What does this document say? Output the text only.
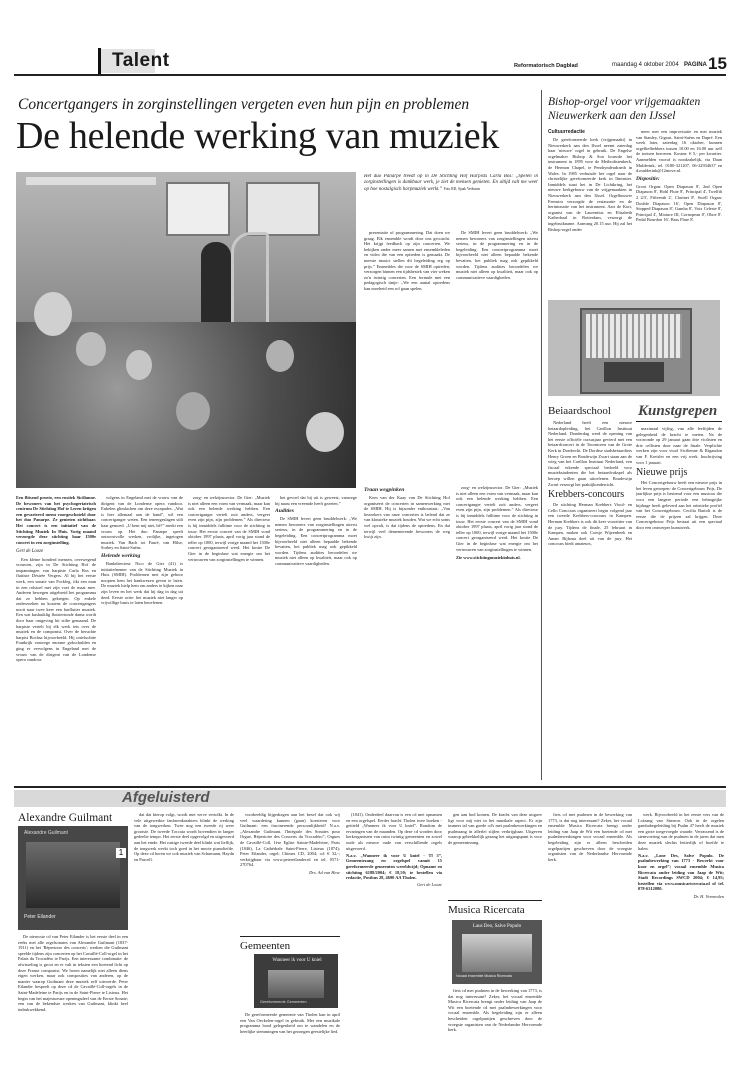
Talent	Reformatorisch Dagblad	maandag 4 oktober 2004 PAGINA 15
Concertgangers in zorginstellingen vergeten even hun pijn en problemen
De helende werking van muziek
Het duo Panarpe treedt op in De Stichting Hof Harpists Carla Bos: „Spelen in zorginstellingen is dankbaar werk, je ziet de mensen genieten. En altijd valt me weer op hoe nostalgisch harpmuziek werkt.” Foto RD, Sjaak Verboom

presentatie of programmering. Dat doen we graag. Elk ensemble wordt door ons gecoacht. Het krijgt feedback op zijn concerten. We bekijken onder meer samen met ensembleleden en video die van een optreden is gemaakt. De meeste musici stellen dit begeleiding erg op prijs.” Ensembles die voor de SMIH optreden, verzorgen binnen een tijdsbestek van vier weken zo'n twintig concerten. Een formule met een pedagogisch tintje: „We een aantal optredens kan moeheid een rol gaan spelen.

De SMIH levert geen bruddelwerk: „We nemen bewoners van zorginstellingen uiterst serieus, in de programmering en in de begeleiding. Een concertprogramma moet bijvoorbeeld niet alleen bepaalde bekende bevatten, het publiek mag ook gepikkeld worden. Tijdens audities beoordelen we muziek niet alleen op kwaliteit, maar ook op communicatieve vaardigheden.

Een flitsend proeto, een rustiek Sicilianne. De bewoners van het psychogeriatrisch centrum De Stichting Hof te Leren kriigen een gevarieerd menu voorgeschoteld door het duo Panarpe. Ze genieten zichtbaar. Het concert is een initiatief van de Stichting Muziek In Huis. Vorig maand verzorgde deze stichting haar 1500e concert in een zorginstelling.

Gert de Looze

Een kleine honderd mensen, overwegend vrouwen, zijn in De Stichting Hof de inspanningen van harpiste Carla Bos en fluitiste Désirée Vergers. Al bij het eerste werk, een sonate van Fockleg, tikt een man in een rolstoel met zijn voet de maat mee. Anderen bewegen uitgebreid het programma dat ze hebben gekregen. Op enkele onderzoeken na kostens de concertgangers nooit naar twee keer een harfluiter muziek. Een wat kushuiklig fluistertonde dama wordt door haar omgeving bit stilte gemaand. De harpiste vertelt bij elk werk iets over de muziek en de componist. Over de beruchte harpist Bochsa bijvoorbeeld. Hij ontvluchtte Frankrijk vanwege enorme gokschulden en ging er vervolgens in Engeland met de vrouw van de dirigent van de Londense opera vandoor.

volgens in Engeland met de vrouw van de dirigent van de Londense opera vandoor. Enkelen glimlachen om deze escapades. „Wat is hier allemaal aan de hand”, wil een concertganger weten. Een teneergeslagen stilt haar gemoed. „U kent mij niet, hè?” merkt een vrouw op. Het duo Panarpe speelt ontroostvolle werken, vrolijke, ingetogen muziek. Van Bach tot Fauré, van Hilse, Sorbey en Saint-Saëns.

Helende werking

Bankdirecteur Nico de Gier (41) is initiatiefnemer van de Stichting Muziek in Huis (SMIH). Problemen met zijn gehoor noopten hem het bankwezen geven te laten. De muziek hielp hem om anders te kijken naar zijn leven en het werk dat hij dag in dag uit deed. Eerste actie: het muziek niet langer op vrijwillige basis te laten beoefenen.

zorg- en welzijnssector. De Gier: „Muziek is niet alleen een vorm van vermaak, maar kan ook een helende werking hebben. Een concertganger vertelt ooit anders, vergeet even zijn pijn, zijn problemen.” Als directeur is hij inmiddels fulltime voor de stichting in touw. Het eerste concert van de SMIH vond oktober 1997 plaats, april vorig jaar stond de teller op 1000, terwijl vorige maand het 1500e concert georganiseerd werd. Het kostte De Gier in de beginfase wat energie om het vertrouwen van zorginstellingen te winnen.

het gevoel dat hij uit is geweest, vanwege hij naast een vreemde heeft gezeten.”

Audities

De SMIH levert geen bruddelwerk: „We nemen bewoners van zorginstellingen uiterst serieus, in de programmering en in de begeleiding. Een concertprogramma moet bijvoorbeeld niet alleen bepaalde bekende bevatten, het publiek mag ook gepikkeld worden. Tijdens audities beoordelen we muziek niet alleen op kwaliteit, maar ook op communicatieve vaardigheden.

Traan wegpinken

Kees van der Kaay van De Stichting Hof organiseert de concerten in samenwerking met de SMIH. Hij is bijzonder enthousiast: „Van bezoekers van onze concerten is belend dat ze van klassieke muziek houden. Wat we echt soms wel opvalt, is dat tijdens de optredens. En dat terwijl veel dementerende bewoners de weg kwijt zijn.

zorg- en welzijnssector. De Gier: „Muziek is niet alleen een vorm van vermaak, maar kan ook een helende werking hebben. Een concertganger vertelt ooit anders, vergeet even zijn pijn, zijn problemen.” Als directeur is hij inmiddels fulltime voor de stichting in touw. Het eerste concert van de SMIH vond oktober 1997 plaats, april vorig jaar stond de teller op 1000, terwijl vorige maand het 1500e concert georganiseerd werd. Het kostte De Gier in de beginfase wat energie om het vertrouwen van zorginstellingen te winnen.

Zie www.stichtingmuziekinhuis.nl.

Bishop-orgel voor vrijgemaakten
Nieuwerkerk aan den IJssel
Cultuurredactie

De gereformeerde kerk (vrijgemaakt) in Nieuwerkerk aan den IJssel neemt zaterdag haar 'nieuwe' orgel in gebruik. De Engelse orgelmaker Bishop & Son bouwde het instrument in 1895 voor de Methodistenkerk, de Hermon Chapel, te Penrhyndeudraeth in Wales. In 1985 verhuisde het orgel naar de christelijke gereformeerde kerk in Ilminster. Inmiddels staat het in De Lichtkring, het nieuwe kerkgebouw van de vrijgemaakten in Nieuwerkerk aan den IJssel. Orgelbouwer Feenstra verzorgde de restauratie en de herintonatie van het instrument. Aart de Kort, organist van de Laurentius en Elisabeth Kathedraal in Rotterdam, verzorgt de ingebruikname. Aanvang 20.15 uur. Hij zal het Bishop-orgel onder

meer met een improvisatie en met muziek van Stanley, Gigout, Saint-Saëns en Dupré. Een week later, zaterdag 16 oktober, kunnen orgelliefhebbers tussen 10.00 en 16.00 uur zelf de toetsen beroeren. Kosten: € 5,- per kwartier. Aanmelden vooraf is noodzakelijk, via Daan Mulderink, tel. 0180-321207, 06-22934637 en d.mulderink@12move.nl.

Dispositie:

Groot Organ: Open Diapason 8', 2nd Open Diapason 8', Hohl Flute 8', Principal 4', Twelfth 2 2/3', Fifteenth 2', Clarinet 8'. Swell Organ: Double Diapason 16', Open Diapason 8', Stopped Diapason 8', Gamba 8', Voix Celeste 8', Principal 4', Mixture III, Cornopean 8', Oboe 8'. Pedal Bourdon 16', Bass Flute 8'.

Beiaardschool

Nederland heeft een nieuwe beiaardopleiding, het Carillon Instituut Nederland. Donderdag werd de opening van het eerste officiële cursusjaar gevierd met een beiaardconcert in de Toorntoren van de Grote Kerk in Dordrecht. De Dordtse stadsbeiaardiers Henry Groen en Boudewijn Zwart staan aan de wieg van het Carillon Instituut Nederland, een fiscaal erkende speciaal bedoeld voor muziekstudenten die het beiaardvakspel als beroep willen gaan uitoefenen. Boudewijn Zwart verzorgt het praktijkonderricht.

Krebbers-concours

De stichting Herman Krebbers Viool- en Cello Concours organiseert begin volgend jaar een tweede Krebbers-concours in Kampen. Herman Krebbers is ook dit keer voorzitter van de jury. Tijdens de finale, 25 februari in Kampen, maken ook Coosje Wijzenbeek en Anner Bijlsma deel uit van de jury. Het concours biedt amateurs,

Kunstgrepen

maximaal vijftig, van alle leeftijden de gelegenheid de kracht te meten. Na de voorronde op 29 januari gaan drie violisten en drie cellisten door naar de finale. Verplichte werken zijn voor viool Sicilienne & Rigaudon van F. Kreisler en een vrij werk. Inschrijving voor 1 januari.

Nieuwe prijs

Het Concertgebouw heeft een nieuwe prijs in het leven geroepen: de Concertgebouw Prijs. De jaarlijkse prijs is bestemd voor een musicus die voor een langere periode een belangrijke bijdrage heeft geleverd aan het artistieke profiel van het Concertgebouw. Cecilia Bartoli is de eerste die de prijzen zal krijgen. Deze Concertgebouw Prijs bestaat uit een speciaal door een ontwerper kunstwerk.

Afgeluisterd
Alexandre Guilmant
Alexandre Guilmant
Peter Eilander
1

De nieuwste cd van Peter Eilander is het eerste deel in een reeks met alle orgelsonates van Alexandre Guilmant (1837-1911) en het 'Répertoire des concerts'; werken die Guilmant speelde tijdens zijn concerten op het Cavaillé-Coll-orgel in het Palais du Trocadéro te Parijs. Een interessante combinatie: de afwisseling is groot en er valt in teksten een boeiend licht op deze Franse componist. We horen namelijk niet alleen diens eigen werken, maar ook composities van anderen, op de manier waarop Guilmant deze muziek zelf uitvoerde. Peter Eilander bespeelt op deze cd de Cavaillé-Coll-orgels in de Saint-Madeleine te Parijs en in de Saint-Pierre te Lisieux. Het begin van het majestueuze openingsdeel van de Eerste Sonate; een van de bekendste werken van Guilmant, klinkt heel indrukwekkend.

dat dat hierop volgt, wordt met verve vertolkt. In de vele uitgewerkte fanfarenkarakters klinkt de werking van de tongwerken. Twee nog een tweede rij weer grootste. De tweede Toccata wordt bovendien in langer gedeelte tempo. Het eerste deel opgevolgd en uitgevoerd aan het einde. Het rustige tweede deel klinkt wat lieflijk, de tongwerk werkt toch goed in het mooie pianoliefde. Op deze cd horen we ook muziek van Schumann, Haydn en Purcell.

voorbeeldig bijgedragen aan het besef dat ook wij veel waardering kunnen (gaan) koesteren voor Guilmant: een fascinerende persoonlijkheid! N.a.v. „Alexandre Guilmant. l'Intégrale des Sonates pour Orgue, Répertoire des Concerts du Trocadéro”; Orgues de Cavaillé-Coll, 1ère Eglise Sainte-Madeleine, Paris (1846), La Cathédrale Saint-Pierre, Lisieux (1874); Peter Eilander, orgel; Chimes CD, 2004; cd: € 32,-; verkrijgbaar via www.petereilander.nl en tel. 0571-270764.

Drs. Ad van Hese

Gemeenten
Wanneer ik voor U kniel
Gereformeerde Gemeenten

De gereformeerde gemeente van Tholen kan in april een Van Oeckelen-orgel in gebruik. Met een muzikale programma bood gelegenheid om te wandelen en de heerlijke stemmingen van het gezongen geestelijke lied.

(1841). Onderdeel daarvan is een cd met opnamen en een orgelspel. Eerder bracht Tholen twee boeken - getiteld „Wanneer ik voor U kniel”. Rondom de ervaringen van de maanden. Op deze cd worden door kerkorganisten van ruim twintig gemeenten en zowel oude als nieuwe oude van verschillende orgels uitgevoerd.

N.a.v. „Wanneer ik voor U kniel - Tl 3”, Gemeentezang en orgelspel vanuit 15 gereformeerde gemeenten wereldwijd; Opname en stichting 6188/2004; € 18,50; te bestellen via redactie, Postbus 28, 4690 AA Tholen.

Gert de Looze

gen aan bod komen. De kracht van deze uitgave ligt voor mij niet in het muzikale aspect. Er zijn immers tal van goede cd's met psalmbewerkingen en psalmzang in allerlei stijlen verkrijgbaar. Uitgeven waarop gebrekkelijk gezang het uitgangspunt is voor de gemeentezang.

Musica Ricercata
Laus Deo, Salve Populo
Vocaal ensemble Musica Ricercata

fiets cd met psalmen in de bewerking van 1773, is dat nog interessant? Zeker, het vocaal ensemble Musica Ricercata brengt onder leiding van Jaap de Wit een boeiende cd met psalmbewerkingen voor vocaal ensemble. Als begeleiding zijn er alleen bescheiden orgelpartijen geschreven door de vroegste organisten van de Nederlandse Hervormde kerk.

fiets cd met psalmen in de bewerking van 1773, is dat nog interessant? Zeker, het vocaal ensemble Musica Ricercata brengt onder leiding van Jaap de Wit een boeiende cd met psalmbewerkingen voor vocaal ensemble. Als begeleiding zijn er alleen bescheiden orgelpartijen geschreven door de vroegste organisten van de Nederlandse Hervormde kerk.

werk. Bijvoorbeeld in het eerste vers van de Lofzang van Simeon. Ook in de orgelen gambabegeleiding bij Psalm 47 heeft de muziek een grote toegevoegde waarde. Verrassend is de stemvoering van de psalmen in de jaren dat men deze muziek slechts lettterlijk of hoefde te halen.

N.a.v. „Lone Des, Salve Populo. De psalmbewerking van 1773 - Bewerkt voor koor en orgel”; vocaal ensemble Musica Ricercata onder leiding van Jaap de Wit; Stadt Recordings SWCD 2004; € 14,95; bestellen via www.musicaricercata.nl of tel. 078-6312080.

Dr. H. Vermeulen
